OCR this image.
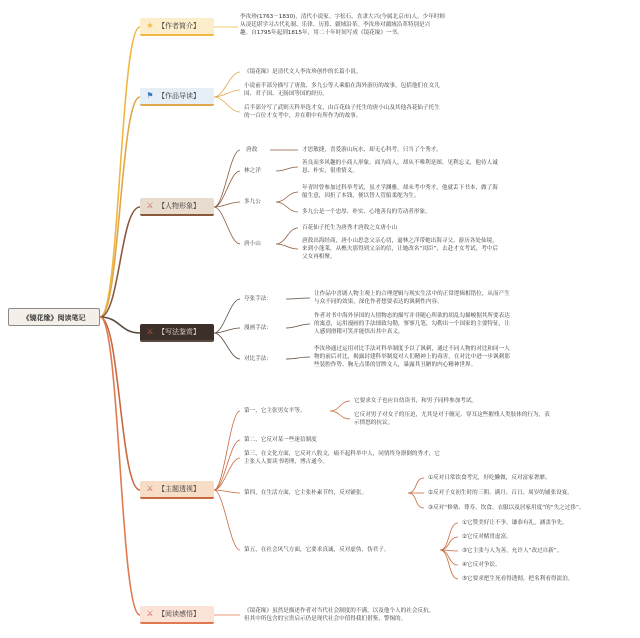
《镜花缘》阅读笔记
★ 【作者简介】
⚑ 【作品导读】
⚔ 【人物形象】
⚔ 【写法鉴赏】
⚔ 【主题透视】
⚔ 【阅读感悟】
李汝珍(1763－1830)，清代小说家。字松石，直隶大兴(今属北京市)人。少年时师
从凌廷堪学习古代礼制、乐律、历算、疆域沿革。李汝珍对疆域沿革特别是兴
趣。自1795年起到1815年，用二十年时间写成《镜花缘》一书。
《镜花缘》是清代文人李汝珍创作的长篇小说。
小说前半部分描写了唐敖、多九公等人乘船在海外游历的故事，包括他们在女儿
国、君子国、无肠国等国的经历。
后半部分写了武则天科举选才女，由百花仙子托生的唐小山及其他各花仙子托生
的一百位才女考中，并在朝中有所作为的故事。
唐敖	才思敏捷，喜爱游山玩水，却无心科考，只当了个秀才。
林之洋
善良而多风趣的小商人形象。面为商人，却从不唯利是图、见利忘义，他待人诚
恳、朴实，很重情义。
多九公
年青时曾参加过科举考试，虽才学渊雅，却未考中秀才，他就丢下书本，做了海
船生意，因折了本钱，便以替人管船柔舵为生。
多九公是一个忠厚、朴实、心地善良的劳动者形象。
唐小山
百花仙子托生为唐秀才唐敖之女唐小山
唐敖出海经商，唐小山思念父亲心切，逼林之洋带她出海寻父。游历各处仙境，
来到小蓬莱，从樵夫那得到父亲的信，让她改名“闺臣”，去赴才女考试，考中后
父女再相聚。
夸张手法：
让作品中喜剧人物主观上的合理逻辑与现实生活中的正常逻辑相错位，从而产生
与众不同的效果，深化作者想要表达的讽刺性内容。
漫画手法：
作者对书中海外异国的人情物态的描写并非随心所欲的胡乱勾描峻据其所要表达
的寓意，运用漫画的手法细致勾勒，寥寥几笔，勾勒出一个国家的主要特征，让
人感到滑稽可笑并能悟出其中真义。
对比手法：
李汝珍通过运用对比手法对科举制度予以了讽刺，通过不同人物的对比和同一人
物的前后对比，揭露封建科举制度对人们精神上的毒害，在对比中进一步讽刺那
些装腔作势、胸无点墨的冒牌文人，暴露其丑陋的内心精神世界。
第一，它主张男女平等。
它要求女子也应自幼读书，和男子同样参加考试。
它反对男子对女子的压迫，尤其是对于缠足、穿耳这些摧残人类肢体的行为，表
示愤怒的抗议。
第二，它反对某一些迷信制度
第三，在文化方面，它反对八股文，痛不起科举中人，同情终身潦倒的秀才，它
主张人人要读书明理，博古通今。
第四，在生活方面，它主张朴素节约，反对铺张。
①反对日常饮食考究，好吃懒做，反对富家奢靡。
②反对子女初生时的三朝、满月、百日、周岁的铺张设宴。
③反对“修塾、尊寿、饮食、衣服以及居家用度”的“失之过侈”。
第五，在社会风气方面，它要求真诚，反对虚伪、伪君子。
①它赞美好让不争，谦恭有礼，涵盖争先。
②它反对赌贯虚富。
③它主张与人为善，允许人“改过自新”。
④它反对争讼。
⑤它要求把生死看得透彻，把名利看得淡泊。
《镜花缘》虽然是描述作者对当代社会制度的不满，以及他个人的社会反抗。
但其中所包含的宝贵启示仍是现代社会中值得我们借鉴、警惕的。
